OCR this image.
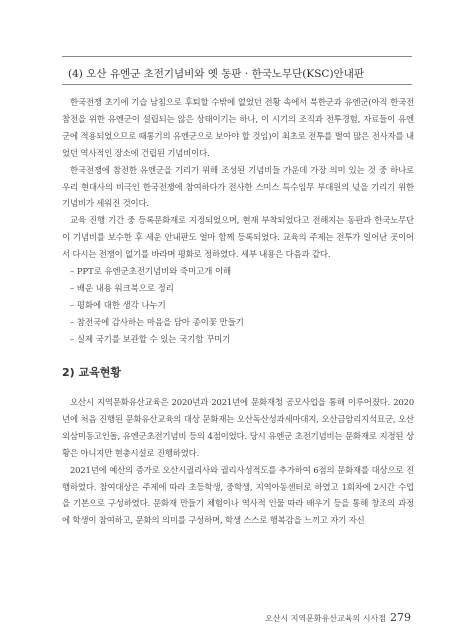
(4) 오산 유엔군 초전기념비와 옛 동판 · 한국노무단(KSC)안내판

한국전쟁 초기에 기습 남침으로 후퇴할 수밖에 없었던 전황 속에서 북한군과 유엔군(아직 한국전 참전을 위한 유엔군이 설립되는 않은 상태이기는 하나, 이 시기의 조직과 전투경험, 자료들이 유엔군에 적용되었으므로 때통기의 유엔군으로 보아야 할 것임)이 최초로 전투를 벌여 많은 전사자를 내었던 역사적인 장소에 건립된 기념비이다.

한국전쟁에 참전한 유엔군을 기리기 위해 조성된 기념비들 가운데 가장 의미 있는 것 중 하나로 우리 현대사의 비극인 한국전쟁에 참여하다가 전사한 스미스 특수임무 부대원의 넋을 기리기 위한 기념비가 세워진 것이다.

교육 진행 기간 중 등록문화재로 지정되었으며, 현재 부착되었다고 전해지는 동판과 한국노무단이 기념비를 보수한 후 세운 안내판도 얼마 함께 등록되었다. 교육의 주제는 전투가 일어난 곳이어서 다시는 전쟁이 없기를 바라며 평화로 정하였다. 세부 내용은 다음과 같다.

– PPT로 유엔군초전기념비와 죽미고개 이해
– 배운 내용 워크북으로 정리
– 평화에 대한 생각 나누기
– 참전국에 감사하는 마음을 담아 종이꽃 만들기
– 실제 국기를 보관할 수 있는 국기함 꾸미기
2) 교육현황

오산시 지역문화유산교육은 2020년과 2021년에 문화재청 공모사업을 통해 이루어졌다. 2020년에 처음 진행된 문화유산교육의 대상 문화재는 오산독산성과세마대지, 오산금암리지석묘군, 오산외삼미동고인돌, 유엔군초전기념비 등의 4점이었다. 당시 유엔군 초전기념비는 문화재로 지정된 상황은 아니지만 현충시설로 진행하였다.

2021년에 예산의 증가로 오산시궐리사와 궐리사성적도를 추가하여 6점의 문화재를 대상으로 진행하였다. 참여대상은 주제에 따라 초등학생, 중학생, 지역아동센터로 하였고 1회차에 2시간 수업을 기본으로 구성하였다. 문화재 만들기 체험이나 역사적 인물 따라 배우기 등을 통해 창조의 과정에 학생이 참여하고, 문화의 의미를 구성하며, 학생 스스로 행복감을 느끼고 자기 자신

오산시 지역문화유산교육의 시사점 279
